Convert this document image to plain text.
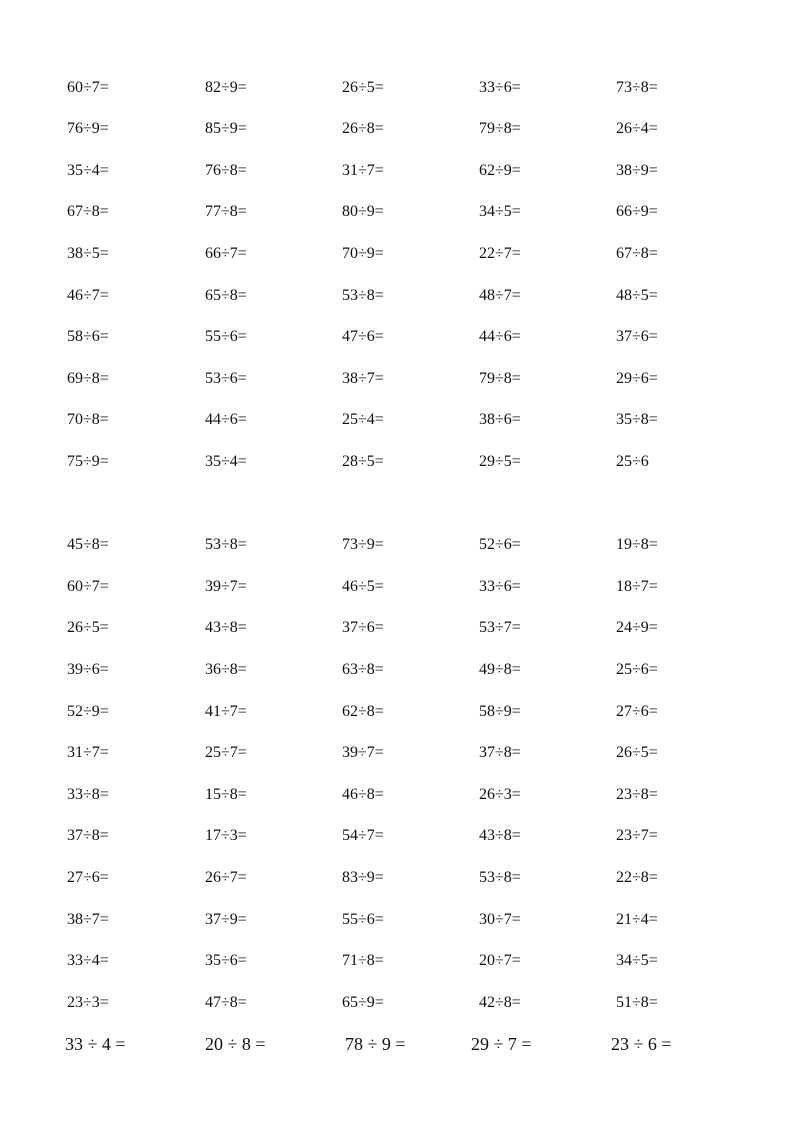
60÷7=	82÷9=	26÷5=	33÷6=	73÷8=
76÷9=	85÷9=	26÷8=	79÷8=	26÷4=
35÷4=	76÷8=	31÷7=	62÷9=	38÷9=
67÷8=	77÷8=	80÷9=	34÷5=	66÷9=
38÷5=	66÷7=	70÷9=	22÷7=	67÷8=
46÷7=	65÷8=	53÷8=	48÷7=	48÷5=
58÷6=	55÷6=	47÷6=	44÷6=	37÷6=
69÷8=	53÷6=	38÷7=	79÷8=	29÷6=
70÷8=	44÷6=	25÷4=	38÷6=	35÷8=
75÷9=	35÷4=	28÷5=	29÷5=	25÷6
45÷8=	53÷8=	73÷9=	52÷6=	19÷8=
60÷7=	39÷7=	46÷5=	33÷6=	18÷7=
26÷5=	43÷8=	37÷6=	53÷7=	24÷9=
39÷6=	36÷8=	63÷8=	49÷8=	25÷6=
52÷9=	41÷7=	62÷8=	58÷9=	27÷6=
31÷7=	25÷7=	39÷7=	37÷8=	26÷5=
33÷8=	15÷8=	46÷8=	26÷3=	23÷8=
37÷8=	17÷3=	54÷7=	43÷8=	23÷7=
27÷6=	26÷7=	83÷9=	53÷8=	22÷8=
38÷7=	37÷9=	55÷6=	30÷7=	21÷4=
33÷4=	35÷6=	71÷8=	20÷7=	34÷5=
23÷3=	47÷8=	65÷9=	42÷8=	51÷8=
33 ÷ 4 =	20 ÷ 8 =	78 ÷ 9 =	29 ÷ 7 =	23 ÷ 6 =
